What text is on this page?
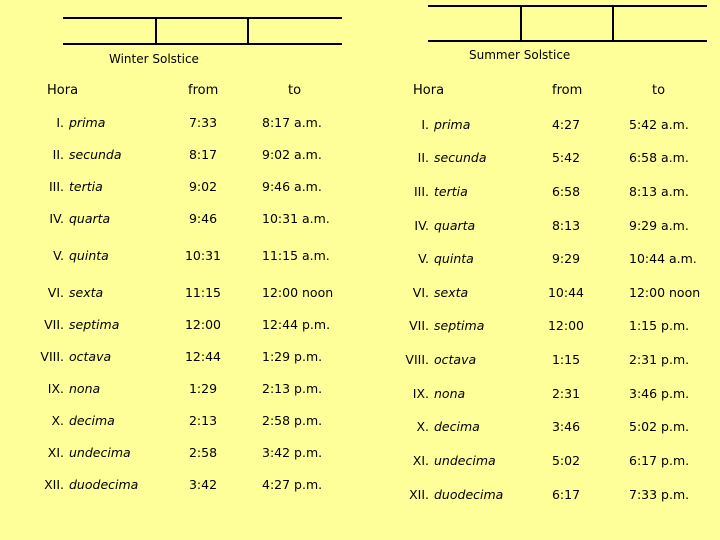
Winter Solstice	Summer Solstice
Hora	from	to	Hora	from	to
I. prima	7:33	8:17 a.m.
II. secunda	8:17	9:02 a.m.
III. tertia	9:02	9:46 a.m.
IV. quarta	9:46	10:31 a.m.
V. quinta	10:31	11:15 a.m.
VI. sexta	11:15	12:00 noon
VII. septima	12:00	12:44 p.m.
VIII. octava	12:44	1:29 p.m.
IX. nona	1:29	2:13 p.m.
X. decima	2:13	2:58 p.m.
XI. undecima	2:58	3:42 p.m.
XII. duodecima	3:42	4:27 p.m.
I. prima	4:27	5:42 a.m.
II. secunda	5:42	6:58 a.m.
III. tertia	6:58	8:13 a.m.
IV. quarta	8:13	9:29 a.m.
V. quinta	9:29	10:44 a.m.
VI. sexta	10:44	12:00 noon
VII. septima	12:00	1:15 p.m.
VIII. octava	1:15	2:31 p.m.
IX. nona	2:31	3:46 p.m.
X. decima	3:46	5:02 p.m.
XI. undecima	5:02	6:17 p.m.
XII. duodecima	6:17	7:33 p.m.
